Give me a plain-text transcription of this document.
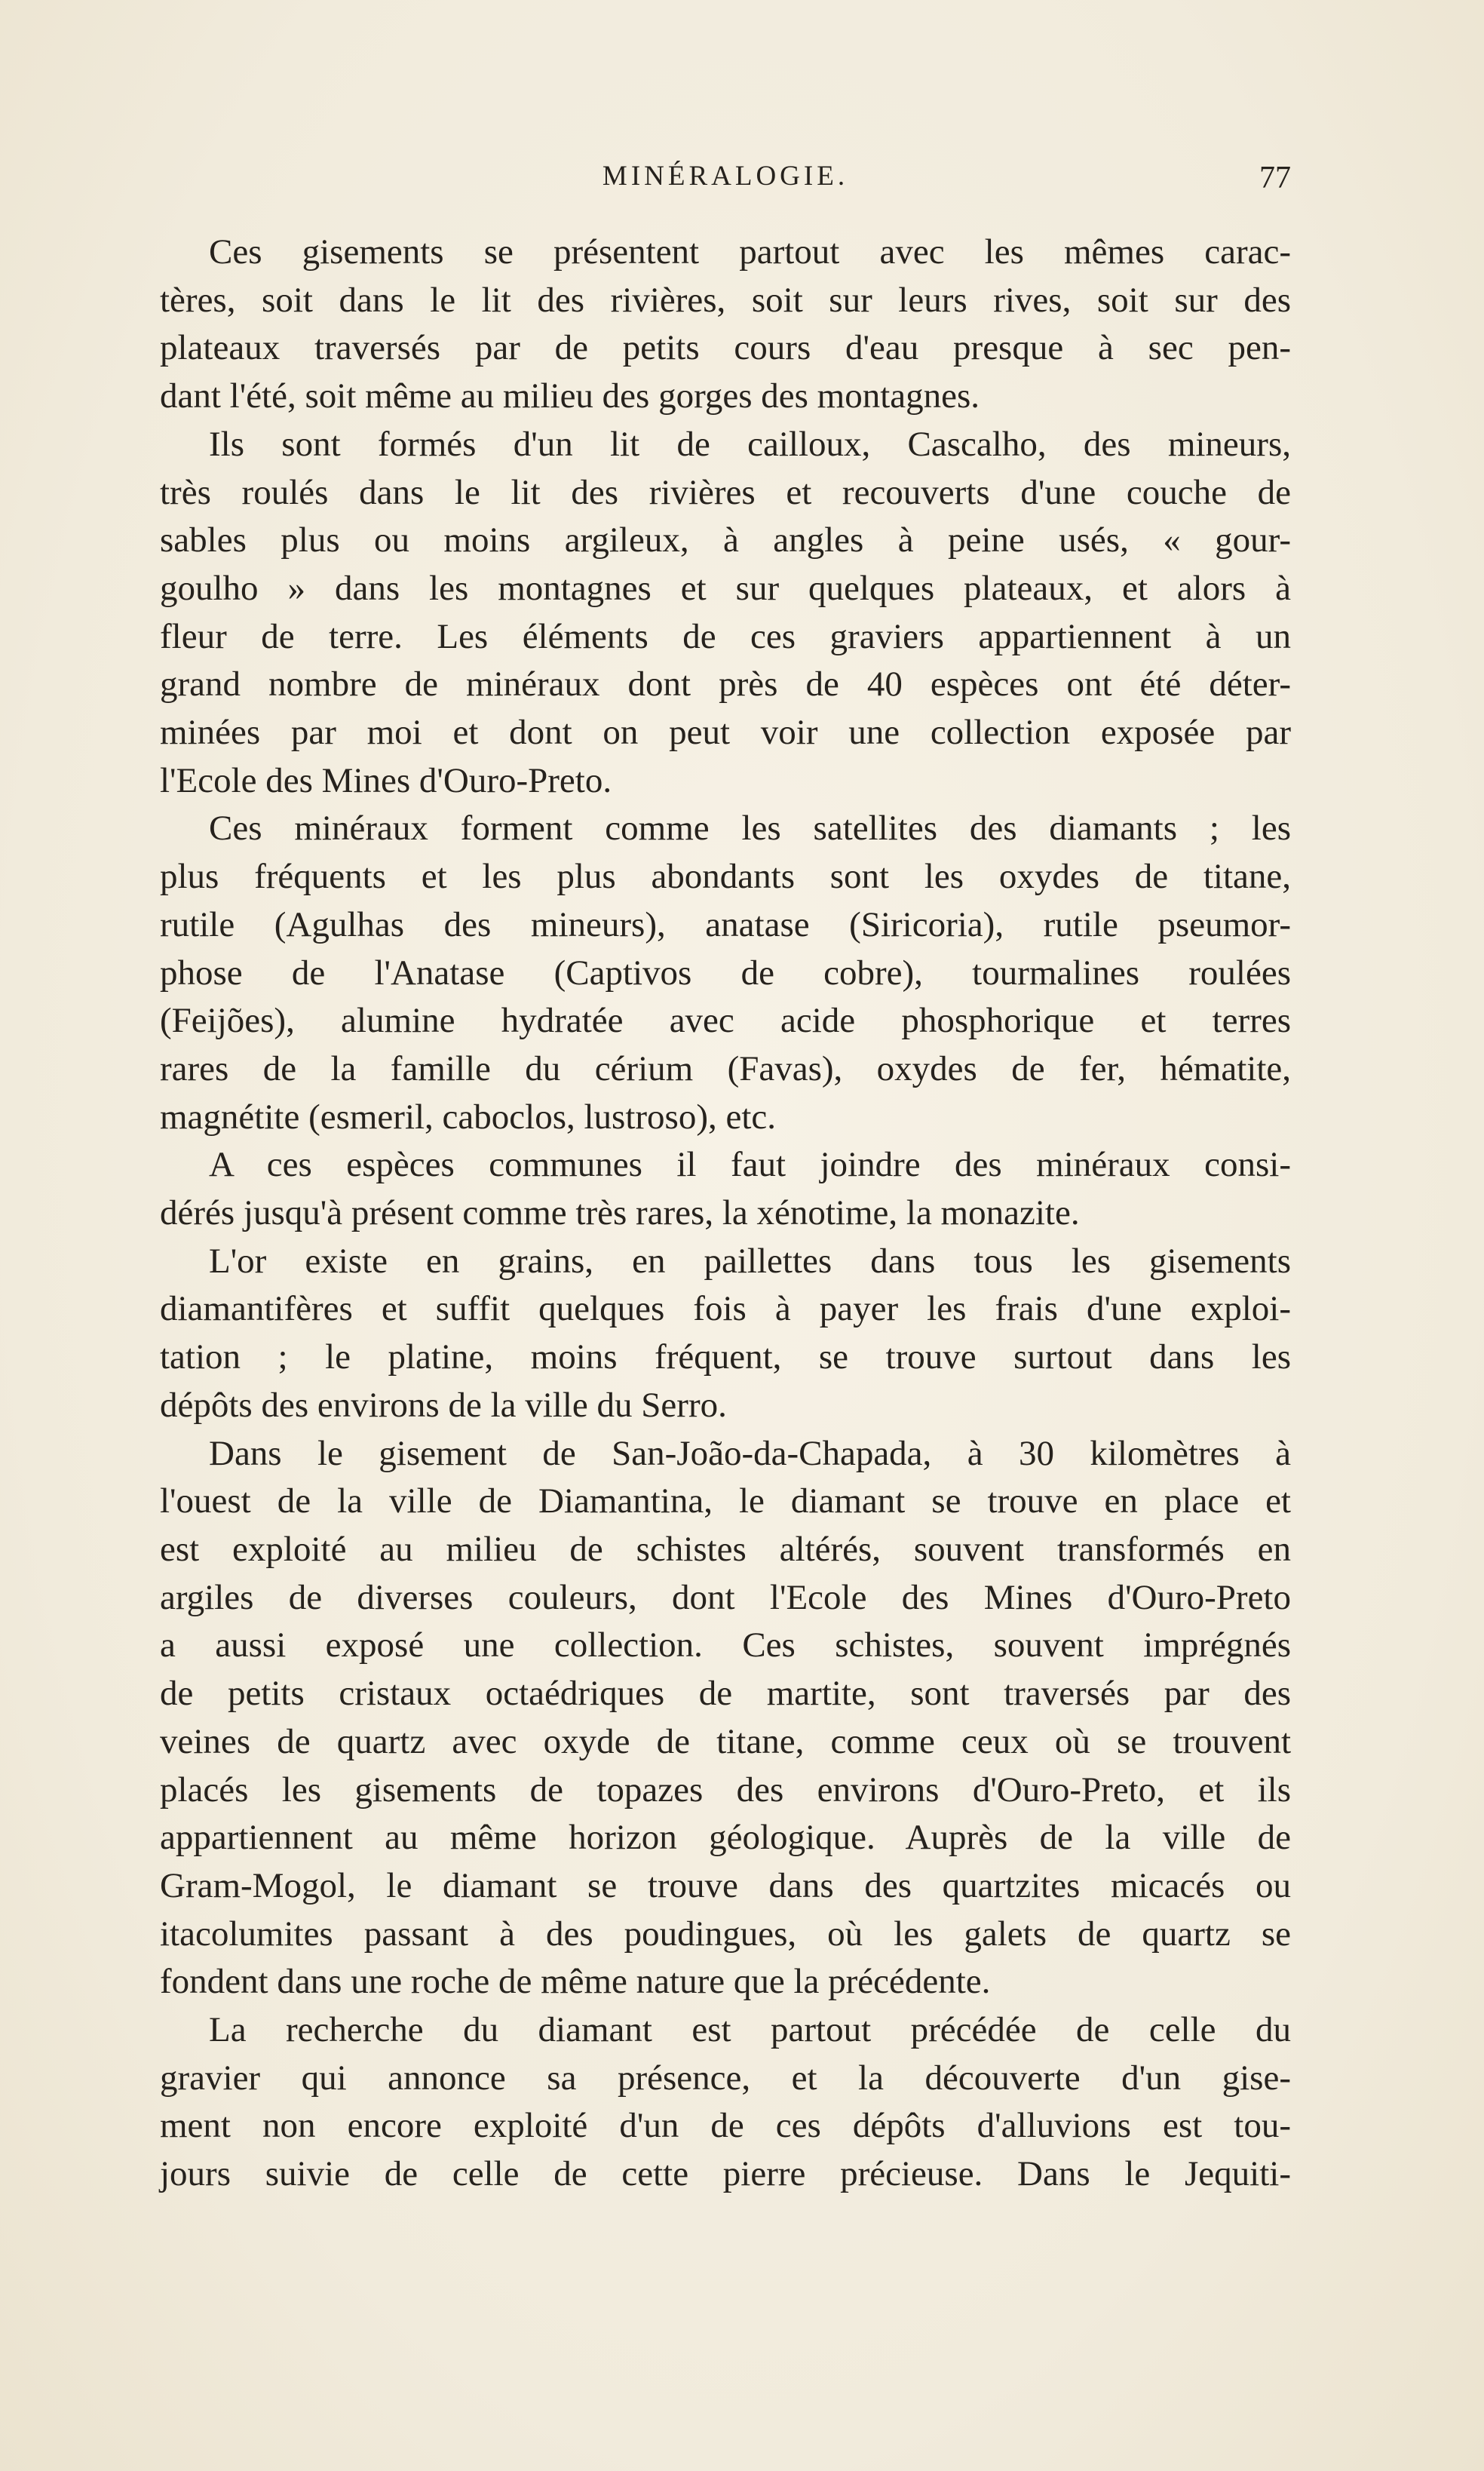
MINÉRALOGIE.	77
Ces gisements se présentent partout avec les mêmes carac-
tères, soit dans le lit des rivières, soit sur leurs rives, soit sur des
plateaux traversés par de petits cours d'eau presque à sec pen-
dant l'été, soit même au milieu des gorges des montagnes.
Ils sont formés d'un lit de cailloux, Cascalho, des mineurs,
très roulés dans le lit des rivières et recouverts d'une couche de
sables plus ou moins argileux, à angles à peine usés, « gour-
goulho » dans les montagnes et sur quelques plateaux, et alors à
fleur de terre. Les éléments de ces graviers appartiennent à un
grand nombre de minéraux dont près de 40 espèces ont été déter-
minées par moi et dont on peut voir une collection exposée par
l'Ecole des Mines d'Ouro-Preto.
Ces minéraux forment comme les satellites des diamants ; les
plus fréquents et les plus abondants sont les oxydes de titane,
rutile (Agulhas des mineurs), anatase (Siricoria), rutile pseumor-
phose de l'Anatase (Captivos de cobre), tourmalines roulées
(Feijões), alumine hydratée avec acide phosphorique et terres
rares de la famille du cérium (Favas), oxydes de fer, hématite,
magnétite (esmeril, caboclos, lustroso), etc.
A ces espèces communes il faut joindre des minéraux consi-
dérés jusqu'à présent comme très rares, la xénotime, la monazite.
L'or existe en grains, en paillettes dans tous les gisements
diamantifères et suffit quelques fois à payer les frais d'une exploi-
tation ; le platine, moins fréquent, se trouve surtout dans les
dépôts des environs de la ville du Serro.
Dans le gisement de San-João-da-Chapada, à 30 kilomètres à
l'ouest de la ville de Diamantina, le diamant se trouve en place et
est exploité au milieu de schistes altérés, souvent transformés en
argiles de diverses couleurs, dont l'Ecole des Mines d'Ouro-Preto
a aussi exposé une collection. Ces schistes, souvent imprégnés
de petits cristaux octaédriques de martite, sont traversés par des
veines de quartz avec oxyde de titane, comme ceux où se trouvent
placés les gisements de topazes des environs d'Ouro-Preto, et ils
appartiennent au même horizon géologique. Auprès de la ville de
Gram-Mogol, le diamant se trouve dans des quartzites micacés ou
itacolumites passant à des poudingues, où les galets de quartz se
fondent dans une roche de même nature que la précédente.
La recherche du diamant est partout précédée de celle du
gravier qui annonce sa présence, et la découverte d'un gise-
ment non encore exploité d'un de ces dépôts d'alluvions est tou-
jours suivie de celle de cette pierre précieuse. Dans le Jequiti-
